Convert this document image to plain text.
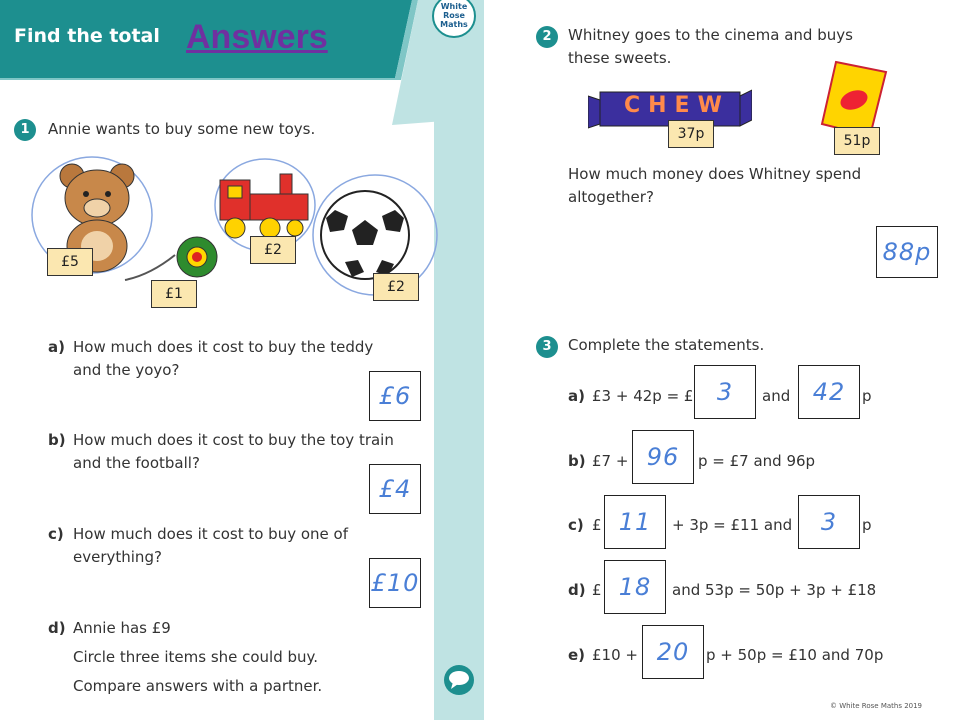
Find the total Answers
White
Rose
Maths
1	Annie wants to buy some new toys.
£5
£1
£2
£2
a) How much does it cost to buy the teddy
and the yoyo?
£6
b) How much does it cost to buy the toy train
and the football?
£4
c) How much does it cost to buy one of
everything?
£10
d) Annie has £9
Circle three items she could buy.
Compare answers with a partner.
2	Whitney goes to the cinema and buys
these sweets.
CHEW
37p	51p
How much money does Whitney spend
altogether?
88p
3	Complete the statements.
a) £3 + 42p = £ 3	and 42	p
b) £7 + 96	p = £7 and 96p
c) £ 11	+ 3p = £11 and	3	p
d) £ 18	and 53p = 50p + 3p + £18
e) £10 + 20	p + 50p = £10 and 70p
© White Rose Maths 2019
